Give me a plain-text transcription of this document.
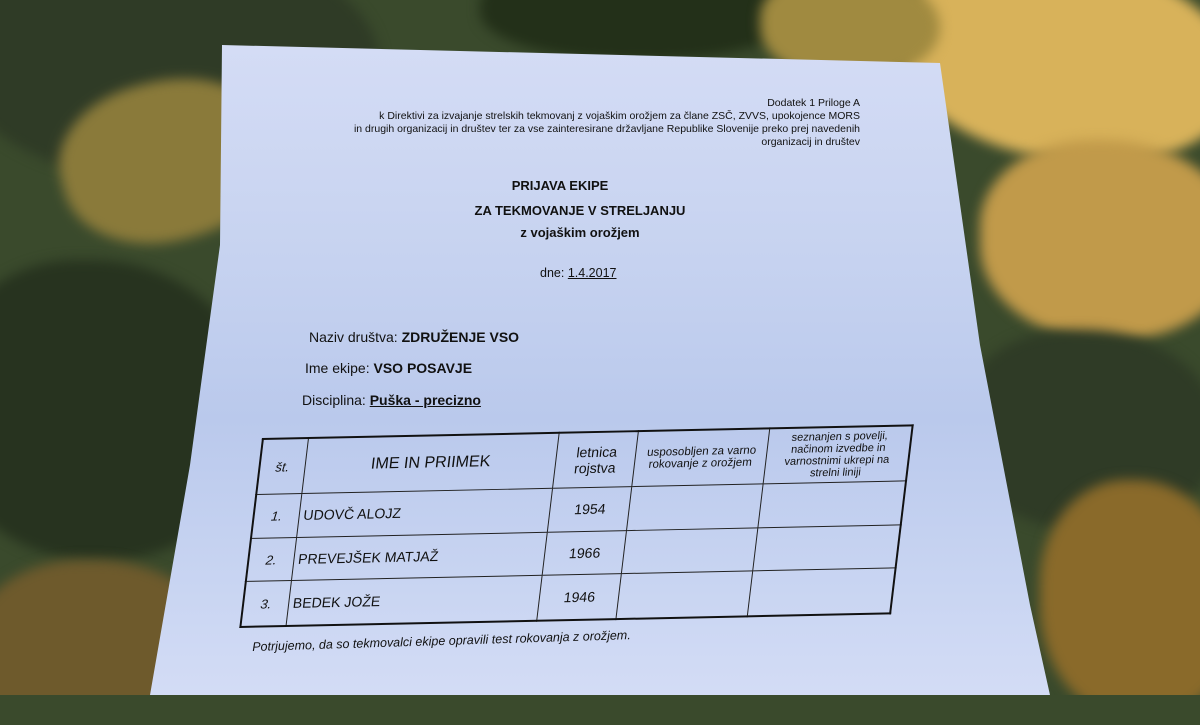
Dodatek 1 Priloge A
k Direktivi za izvajanje strelskih tekmovanj z vojaškim orožjem za člane ZSČ, ZVVS, upokojence MORS
in drugih organizacij in društev ter za vse zainteresirane državljane Republike Slovenije preko prej navedenih
organizacij in društev
PRIJAVA EKIPE
ZA TEKMOVANJE V STRELJANJU
z vojaškim orožjem
dne: 1.4.2017
Naziv društva: ZDRUŽENJE VSO
Ime ekipe: VSO POSAVJE
Disciplina: Puška - precizno
št.	IME IN PRIIMEK	letnica rojstva	usposobljen za varno rokovanje z orožjem	seznanjen s povelji, načinom izvedbe in varnostnimi ukrepi na strelni liniji
1.	UDOVČ ALOJZ	1954		
2.	PREVEJŠEK MATJAŽ	1966		
3.	BEDEK JOŽE	1946		
Potrjujemo, da so tekmovalci ekipe opravili test rokovanja z orožjem.
